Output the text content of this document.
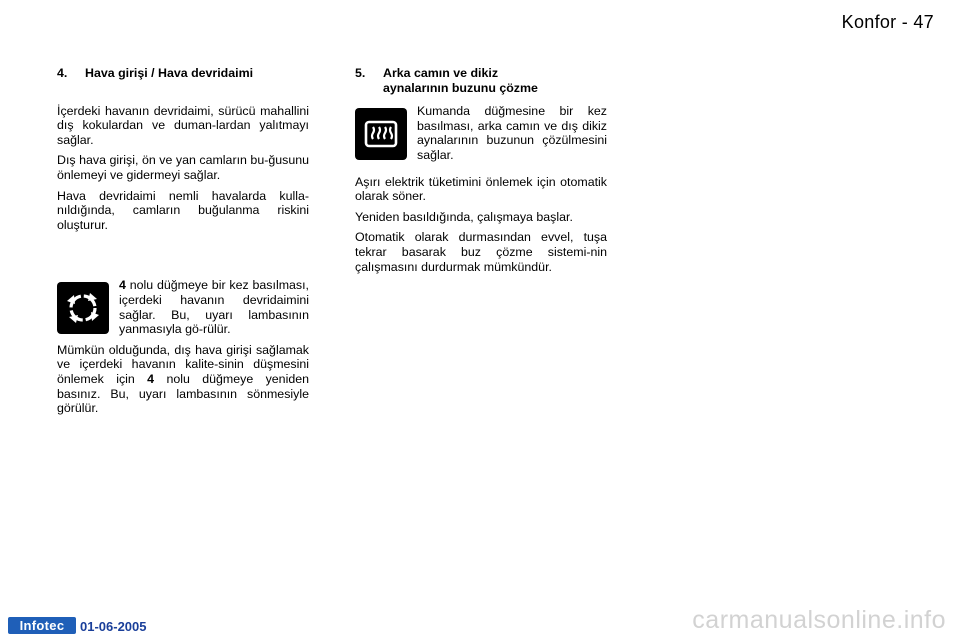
Konfor - 47
4.	Hava girişi / Hava devridaimi

İçerdeki havanın devridaimi, sürücü mahallini dış kokulardan ve duman-lardan yalıtmayı sağlar.

Dış hava girişi, ön ve yan camların bu-ğusunu önlemeyi ve gidermeyi sağlar.

Hava devridaimi nemli havalarda kulla-nıldığında, camların buğulanma riskini oluşturur.

4 nolu düğmeye bir kez basılması, içerdeki havanın devridaimini sağlar. Bu, uyarı lambasının yanmasıyla gö-rülür.

Mümkün olduğunda, dış hava girişi sağlamak ve içerdeki havanın kalite-sinin düşmesini önlemek için 4 nolu düğmeye yeniden basınız. Bu, uyarı lambasının sönmesiyle görülür.

5.	Arka camın ve dikiz
aynalarının buzunu çözme

Kumanda düğmesine bir kez basılması, arka camın ve dış dikiz aynalarının buzunun çözülmesini sağlar.

Aşırı elektrik tüketimini önlemek için otomatik olarak söner.

Yeniden basıldığında, çalışmaya başlar.

Otomatik olarak durmasından evvel, tuşa tekrar basarak buz çözme sistemi-nin çalışmasını durdurmak mümkündür.

Infotec	01-06-2005	carmanualsonline.info
